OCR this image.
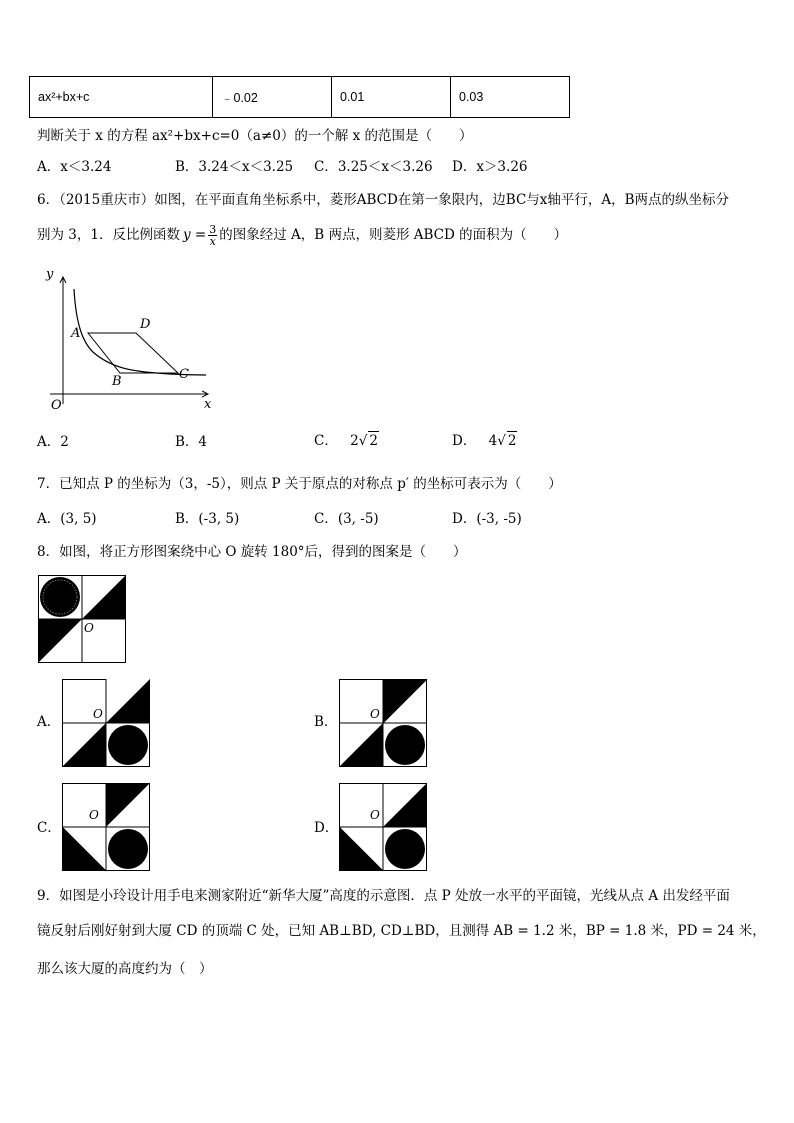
ax²+bx+c	﹣0.02	0.01	0.03
判断关于 x 的方程 ax²+bx+c=0（a≠0）的一个解 x 的范围是（　　）
A．x＜3.24	B．3.24＜x＜3.25 C．3.25＜x＜3.26 D．x＞3.26
6．（2015重庆市）如图，在平面直角坐标系中，菱形ABCD在第一象限内，边BC与x轴平行，A，B两点的纵坐标分
别为 3，1．反比例函数 $y = \frac{3}{x}$ 的图象经过 A，B 两点，则菱形 ABCD 的面积为（　　）
y
x
O
A
B	C
D
A．2	B．4	C． 2√ 2	D． 4√ 2
7．已知点 P 的坐标为（3，-5），则点 P 关于原点的对称点 p′ 的坐标可表示为（　　）
A．(3, 5)	B．(-3, 5)	C．(3, -5)	D．(-3, -5)
8．如图，将正方形图案绕中心 O 旋转 180°后，得到的图案是（　　）
O
A．	O	B．	O
C．
O
D．
O
9．如图是小玲设计用手电来测家附近“新华大厦”高度的示意图．点 P 处放一水平的平面镜，光线从点 A 出发经平面
镜反射后刚好射到大厦 CD 的顶端 C 处，已知 AB⊥BD, CD⊥BD，且测得 AB = 1.2 米，BP = 1.8 米，PD = 24 米，
那么该大厦的高度约为（　）
